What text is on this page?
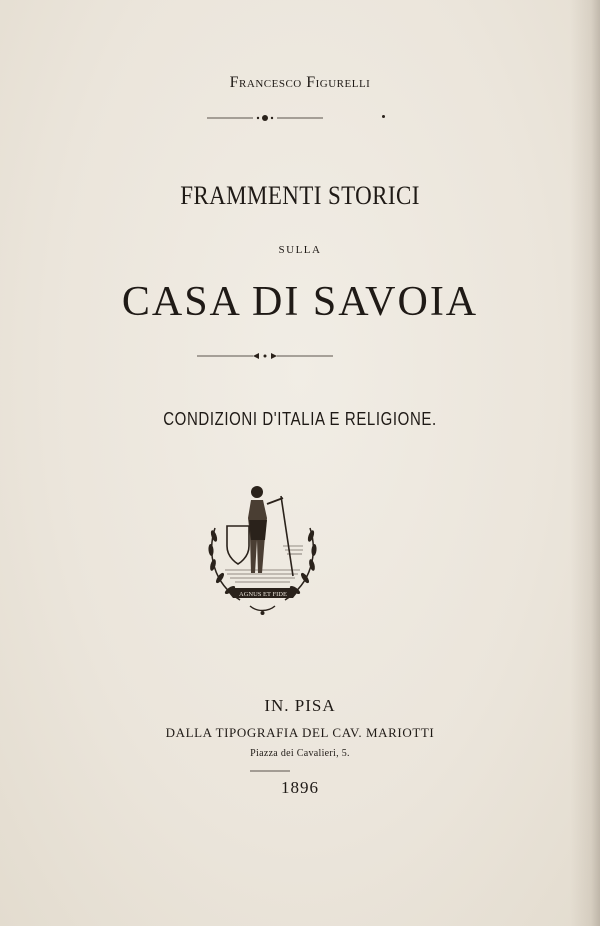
Francesco Figurelli
FRAMMENTI STORICI
SULLA
CASA DI SAVOIA
CONDIZIONI D'ITALIA E RELIGIONE.
AGNUS ET FIDE
IN. PISA
DALLA TIPOGRAFIA DEL CAV. MARIOTTI
Piazza dei Cavalieri, 5.
1896
